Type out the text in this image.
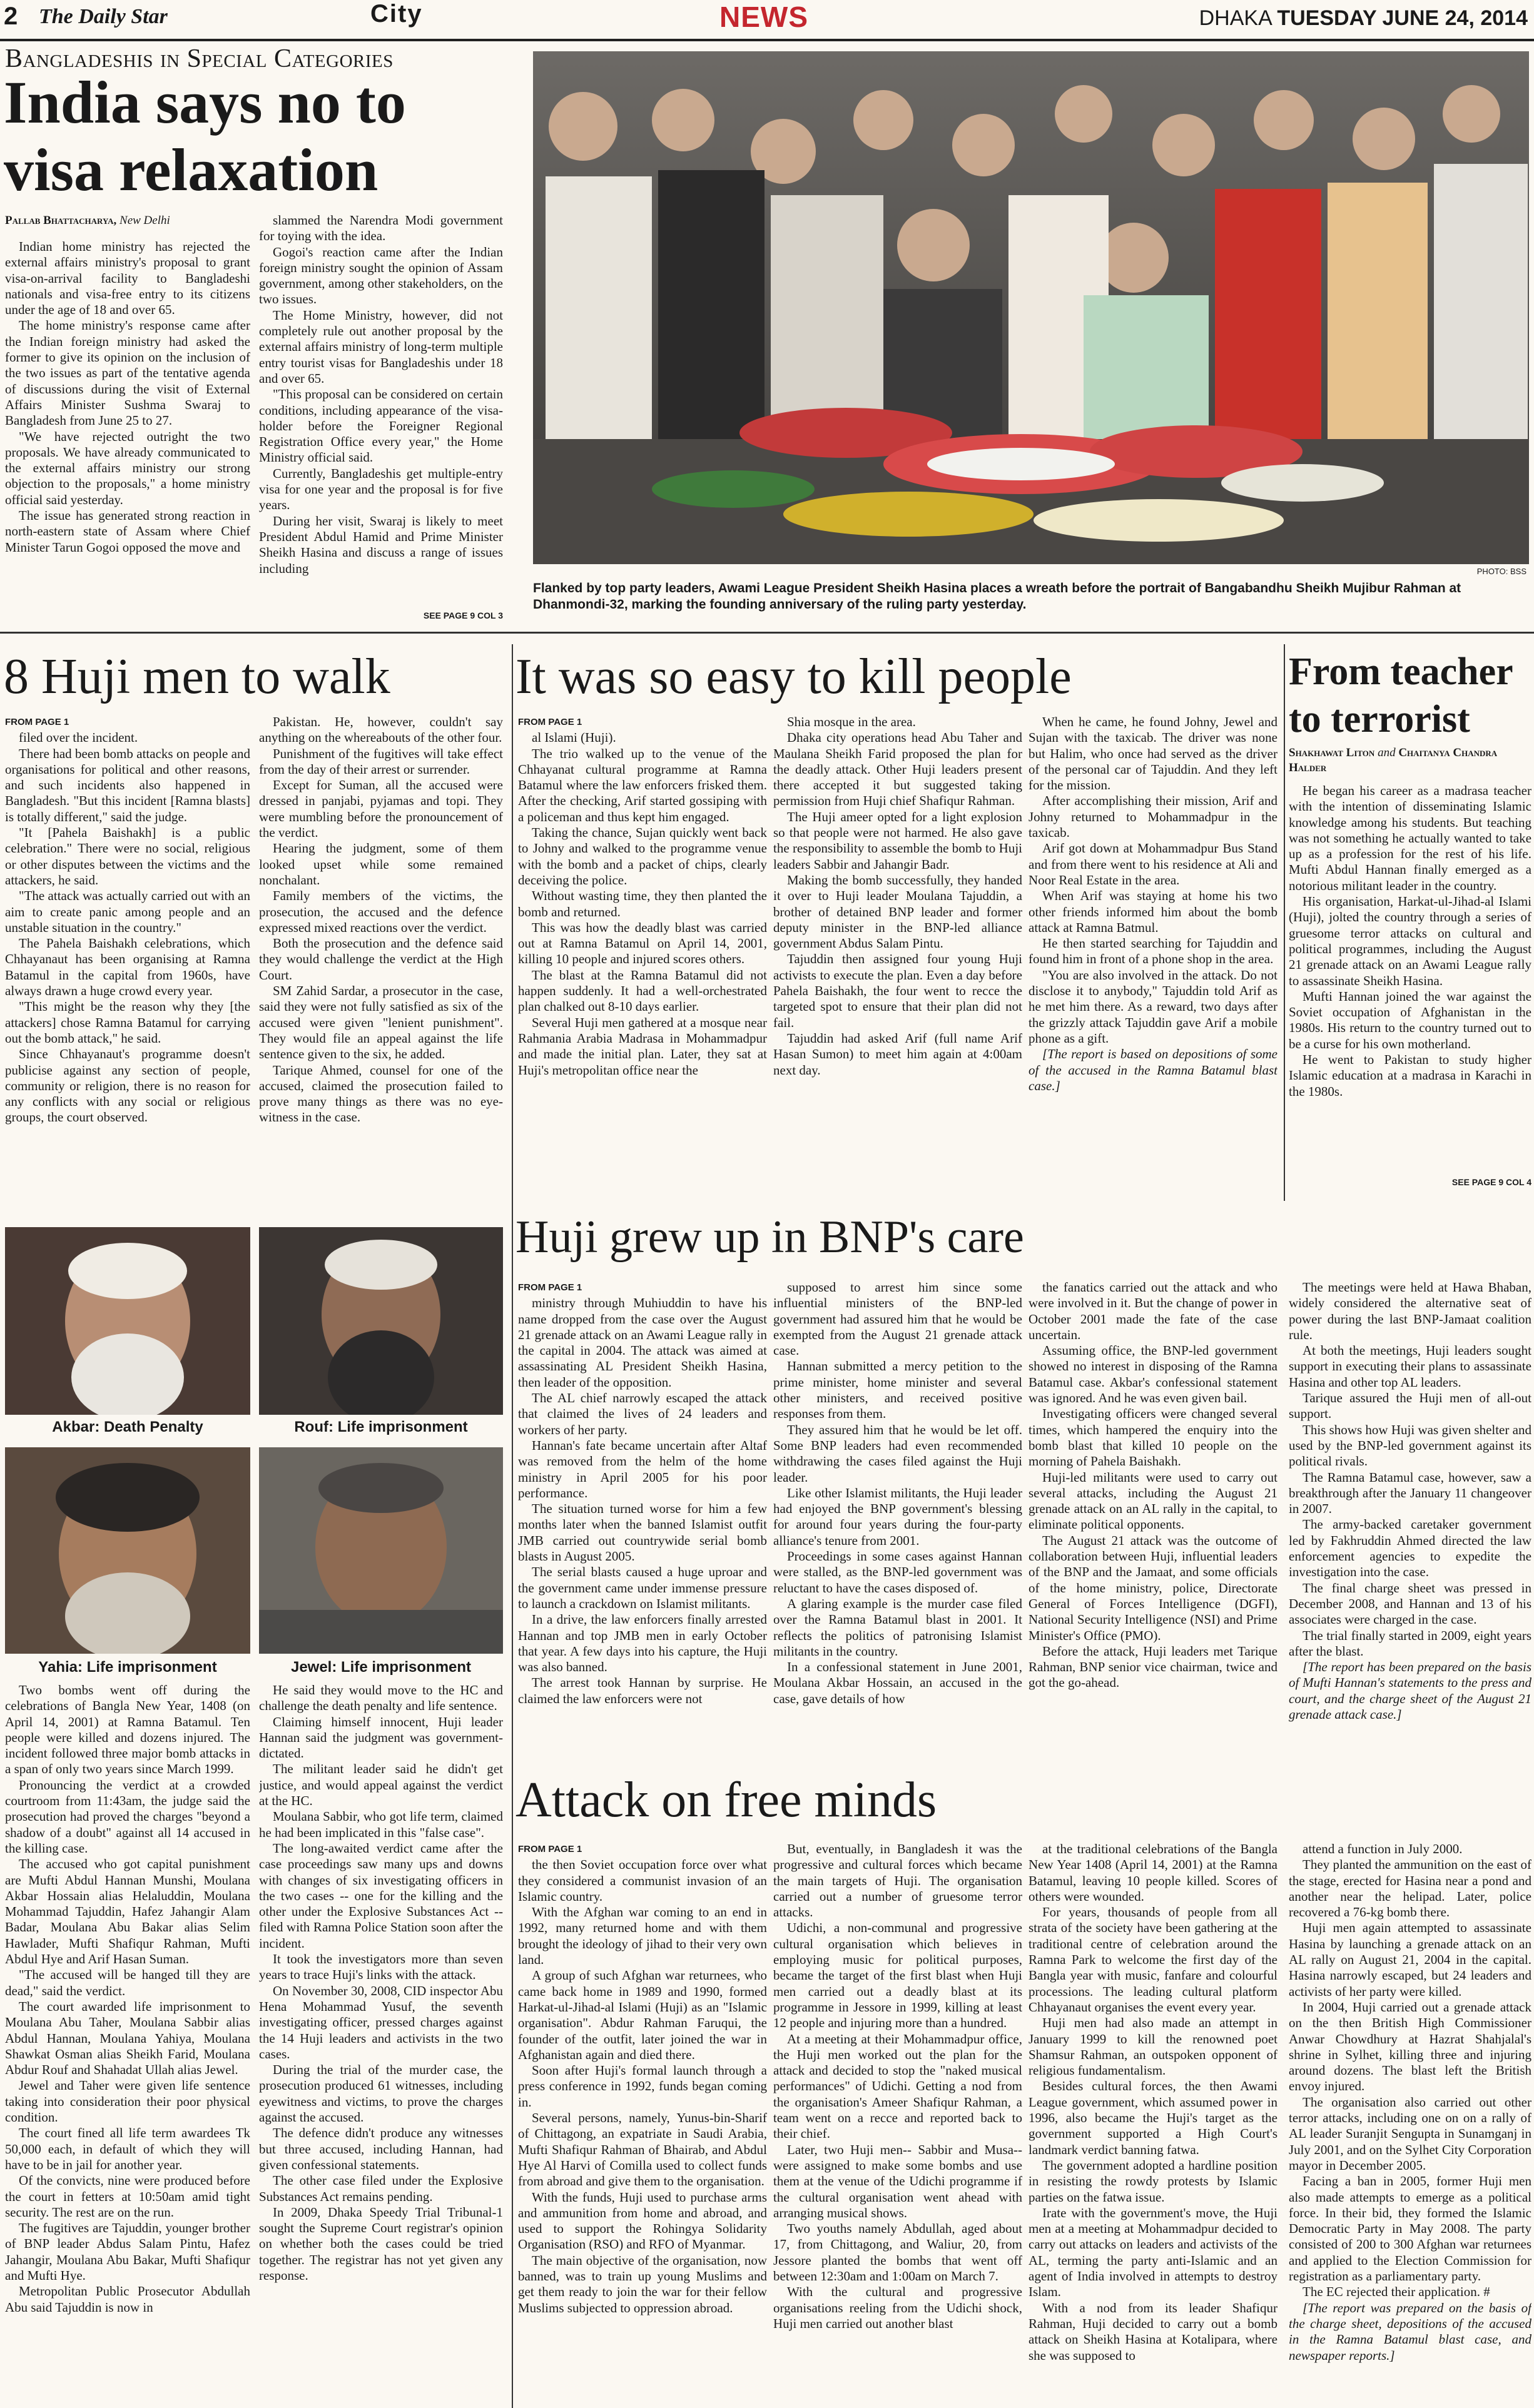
2 The Daily Star	City	NEWS	DHAKA TUESDAY JUNE 24, 2014
Bangladeshis in Special Categories
India says no to
visa relaxation
Pallab Bhattacharya, New Delhi

Indian home ministry has rejected the external affairs ministry's proposal to grant visa-on-arrival facility to Bangladeshi nationals and visa-free entry to its citizens under the age of 18 and over 65.

The home ministry's response came after the Indian foreign ministry had asked the former to give its opinion on the inclusion of the two issues as part of the tentative agenda of discussions during the visit of External Affairs Minister Sushma Swaraj to Bangladesh from June 25 to 27.

"We have rejected outright the two proposals. We have already communicated to the external affairs ministry our strong objection to the proposals," a home ministry official said yesterday.

The issue has generated strong reaction in north-eastern state of Assam where Chief Minister Tarun Gogoi opposed the move and

slammed the Narendra Modi government for toying with the idea.

Gogoi's reaction came after the Indian foreign ministry sought the opinion of Assam government, among other stakeholders, on the two issues.

The Home Ministry, however, did not completely rule out another proposal by the external affairs ministry of long-term multiple entry tourist visas for Bangladeshis under 18 and over 65.

"This proposal can be considered on certain conditions, including appearance of the visa-holder before the Foreigner Regional Registration Office every year," the Home Ministry official said.

Currently, Bangladeshis get multiple-entry visa for one year and the proposal is for five years.

During her visit, Swaraj is likely to meet President Abdul Hamid and Prime Minister Sheikh Hasina and discuss a range of issues including

SEE PAGE 9 COL 3
PHOTO: BSS
Flanked by top party leaders, Awami League President Sheikh Hasina places a wreath before the portrait of Bangabandhu Sheikh Mujibur Rahman at Dhanmondi-32, marking the founding anniversary of the ruling party yesterday.
8 Huji men to walk

FROM PAGE 1

filed over the incident.

There had been bomb attacks on people and organisations for political and other reasons, and such incidents also happened in Bangladesh. "But this incident [Ramna blasts] is totally different," said the judge.

"It [Pahela Baishakh] is a public celebration." There were no social, religious or other disputes between the victims and the attackers, he said.

"The attack was actually carried out with an aim to create panic among people and an unstable situation in the country."

The Pahela Baishakh celebrations, which Chhayanaut has been organising at Ramna Batamul in the capital from 1960s, have always drawn a huge crowd every year.

"This might be the reason why they [the attackers] chose Ramna Batamul for carrying out the bomb attack," he said.

Since Chhayanaut's programme doesn't publicise against any section of people, community or religion, there is no reason for any conflicts with any social or religious groups, the court observed.

Pakistan. He, however, couldn't say anything on the whereabouts of the other four.

Punishment of the fugitives will take effect from the day of their arrest or surrender.

Except for Suman, all the accused were dressed in panjabi, pyjamas and topi. They were mumbling before the pronouncement of the verdict.

Hearing the judgment, some of them looked upset while some remained nonchalant.

Family members of the victims, the prosecution, the accused and the defence expressed mixed reactions over the verdict.

Both the prosecution and the defence said they would challenge the verdict at the High Court.

SM Zahid Sardar, a prosecutor in the case, said they were not fully satisfied as six of the accused were given "lenient punishment". They would file an appeal against the life sentence given to the six, he added.

Tarique Ahmed, counsel for one of the accused, claimed the prosecution failed to prove many things as there was no eye-witness in the case.

Akbar: Death Penalty	Rouf: Life imprisonment
Yahia: Life imprisonment	Jewel: Life imprisonment

Two bombs went off during the celebrations of Bangla New Year, 1408 (on April 14, 2001) at Ramna Batamul. Ten people were killed and dozens injured. The incident followed three major bomb attacks in a span of only two years since March 1999.

Pronouncing the verdict at a crowded courtroom from 11:43am, the judge said the prosecution had proved the charges "beyond a shadow of a doubt" against all 14 accused in the killing case.

The accused who got capital punishment are Mufti Abdul Hannan Munshi, Moulana Akbar Hossain alias Helaluddin, Moulana Mohammad Tajuddin, Hafez Jahangir Alam Badar, Moulana Abu Bakar alias Selim Hawlader, Mufti Shafiqur Rahman, Mufti Abdul Hye and Arif Hasan Suman.

"The accused will be hanged till they are dead," said the verdict.

The court awarded life imprisonment to Moulana Abu Taher, Moulana Sabbir alias Abdul Hannan, Moulana Yahiya, Moulana Shawkat Osman alias Sheikh Farid, Moulana Abdur Rouf and Shahadat Ullah alias Jewel.

Jewel and Taher were given life sentence taking into consideration their poor physical condition.

The court fined all life term awardees Tk 50,000 each, in default of which they will have to be in jail for another year.

Of the convicts, nine were produced before the court in fetters at 10:50am amid tight security. The rest are on the run.

The fugitives are Tajuddin, younger brother of BNP leader Abdus Salam Pintu, Hafez Jahangir, Moulana Abu Bakar, Mufti Shafiqur and Mufti Hye.

Metropolitan Public Prosecutor Abdullah Abu said Tajuddin is now in

He said they would move to the HC and challenge the death penalty and life sentence.

Claiming himself innocent, Huji leader Hannan said the judgment was government-dictated.

The militant leader said he didn't get justice, and would appeal against the verdict at the HC.

Moulana Sabbir, who got life term, claimed he had been implicated in this "false case".

The long-awaited verdict came after the case proceedings saw many ups and downs with changes of six investigating officers in the two cases -- one for the killing and the other under the Explosive Substances Act -- filed with Ramna Police Station soon after the incident.

It took the investigators more than seven years to trace Huji's links with the attack.

On November 30, 2008, CID inspector Abu Hena Mohammad Yusuf, the seventh investigating officer, pressed charges against the 14 Huji leaders and activists in the two cases.

During the trial of the murder case, the prosecution produced 61 witnesses, including eyewitness and victims, to prove the charges against the accused.

The defence didn't produce any witnesses but three accused, including Hannan, had given confessional statements.

The other case filed under the Explosive Substances Act remains pending.

In 2009, Dhaka Speedy Trial Tribunal-1 sought the Supreme Court registrar's opinion on whether both the cases could be tried together. The registrar has not yet given any response.

It was so easy to kill people

FROM PAGE 1

al Islami (Huji).

The trio walked up to the venue of the Chhayanat cultural programme at Ramna Batamul where the law enforcers frisked them. After the checking, Arif started gossiping with a policeman and thus kept him engaged.

Taking the chance, Sujan quickly went back to Johny and walked to the programme venue with the bomb and a packet of chips, clearly deceiving the police.

Without wasting time, they then planted the bomb and returned.

This was how the deadly blast was carried out at Ramna Batamul on April 14, 2001, killing 10 people and injured scores others.

The blast at the Ramna Batamul did not happen suddenly. It had a well-orchestrated plan chalked out 8-10 days earlier.

Several Huji men gathered at a mosque near Rahmania Arabia Madrasa in Mohammadpur and made the initial plan. Later, they sat at Huji's metropolitan office near the

Shia mosque in the area.

Dhaka city operations head Abu Taher and Maulana Sheikh Farid proposed the plan for the deadly attack. Other Huji leaders present there accepted it but suggested taking permission from Huji chief Shafiqur Rahman.

The Huji ameer opted for a light explosion so that people were not harmed. He also gave the responsibility to assemble the bomb to Huji leaders Sabbir and Jahangir Badr.

Making the bomb successfully, they handed it over to Huji leader Moulana Tajuddin, a brother of detained BNP leader and former deputy minister in the BNP-led alliance government Abdus Salam Pintu.

Tajuddin then assigned four young Huji activists to execute the plan. Even a day before Pahela Baishakh, the four went to recce the targeted spot to ensure that their plan did not fail.

Tajuddin had asked Arif (full name Arif Hasan Sumon) to meet him again at 4:00am next day.

When he came, he found Johny, Jewel and Sujan with the taxicab. The driver was none but Halim, who once had served as the driver of the personal car of Tajuddin. And they left for the mission.

After accomplishing their mission, Arif and Johny returned to Mohammadpur in the taxicab.

Arif got down at Mohammadpur Bus Stand and from there went to his residence at Ali and Noor Real Estate in the area.

When Arif was staying at home his two other friends informed him about the bomb attack at Ramna Batmul.

He then started searching for Tajuddin and found him in front of a phone shop in the area.

"You are also involved in the attack. Do not disclose it to anybody," Tajuddin told Arif as he met him there. As a reward, two days after the grizzly attack Tajuddin gave Arif a mobile phone as a gift.

[The report is based on depositions of some of the accused in the Ramna Batamul blast case.]

From teacher to terrorist
Shakhawat Liton and Chaitanya Chandra Halder

He began his career as a madrasa teacher with the intention of disseminating Islamic knowledge among his students. But teaching was not something he actually wanted to take up as a profession for the rest of his life. Mufti Abdul Hannan finally emerged as a notorious militant leader in the country.

His organisation, Harkat-ul-Jihad-al Islami (Huji), jolted the country through a series of gruesome terror attacks on cultural and political programmes, including the August 21 grenade attack on an Awami League rally to assassinate Sheikh Hasina.

Mufti Hannan joined the war against the Soviet occupation of Afghanistan in the 1980s. His return to the country turned out to be a curse for his own motherland.

He went to Pakistan to study higher Islamic education at a madrasa in Karachi in the 1980s.

SEE PAGE 9 COL 4
Huji grew up in BNP's care

FROM PAGE 1

ministry through Muhiuddin to have his name dropped from the case over the August 21 grenade attack on an Awami League rally in the capital in 2004. The attack was aimed at assassinating AL President Sheikh Hasina, then leader of the opposition.

The AL chief narrowly escaped the attack that claimed the lives of 24 leaders and workers of her party.

Hannan's fate became uncertain after Altaf was removed from the helm of the home ministry in April 2005 for his poor performance.

The situation turned worse for him a few months later when the banned Islamist outfit JMB carried out countrywide serial bomb blasts in August 2005.

The serial blasts caused a huge uproar and the government came under immense pressure to launch a crackdown on Islamist militants.

In a drive, the law enforcers finally arrested Hannan and top JMB men in early October that year. A few days into his capture, the Huji was also banned.

The arrest took Hannan by surprise. He claimed the law enforcers were not

supposed to arrest him since some influential ministers of the BNP-led government had assured him that he would be exempted from the August 21 grenade attack case.

Hannan submitted a mercy petition to the prime minister, home minister and several other ministers, and received positive responses from them.

They assured him that he would be let off. Some BNP leaders had even recommended withdrawing the cases filed against the Huji leader.

Like other Islamist militants, the Huji leader had enjoyed the BNP government's blessing for around four years during the four-party alliance's tenure from 2001.

Proceedings in some cases against Hannan were stalled, as the BNP-led government was reluctant to have the cases disposed of.

A glaring example is the murder case filed over the Ramna Batamul blast in 2001. It reflects the politics of patronising Islamist militants in the country.

In a confessional statement in June 2001, Moulana Akbar Hossain, an accused in the case, gave details of how

the fanatics carried out the attack and who were involved in it. But the change of power in October 2001 made the fate of the case uncertain.

Assuming office, the BNP-led government showed no interest in disposing of the Ramna Batamul case. Akbar's confessional statement was ignored. And he was even given bail.

Investigating officers were changed several times, which hampered the enquiry into the bomb blast that killed 10 people on the morning of Pahela Baishakh.

Huji-led militants were used to carry out several attacks, including the August 21 grenade attack on an AL rally in the capital, to eliminate political opponents.

The August 21 attack was the outcome of collaboration between Huji, influential leaders of the BNP and the Jamaat, and some officials of the home ministry, police, Directorate General of Forces Intelligence (DGFI), National Security Intelligence (NSI) and Prime Minister's Office (PMO).

Before the attack, Huji leaders met Tarique Rahman, BNP senior vice chairman, twice and got the go-ahead.

The meetings were held at Hawa Bhaban, widely considered the alternative seat of power during the last BNP-Jamaat coalition rule.

At both the meetings, Huji leaders sought support in executing their plans to assassinate Hasina and other top AL leaders.

Tarique assured the Huji men of all-out support.

This shows how Huji was given shelter and used by the BNP-led government against its political rivals.

The Ramna Batamul case, however, saw a breakthrough after the January 11 changeover in 2007.

The army-backed caretaker government led by Fakhruddin Ahmed directed the law enforcement agencies to expedite the investigation into the case.

The final charge sheet was pressed in December 2008, and Hannan and 13 of his associates were charged in the case.

The trial finally started in 2009, eight years after the blast.

[The report has been prepared on the basis of Mufti Hannan's statements to the press and court, and the charge sheet of the August 21 grenade attack case.]

Attack on free minds

FROM PAGE 1

the then Soviet occupation force over what they considered a communist invasion of an Islamic country.

With the Afghan war coming to an end in 1992, many returned home and with them brought the ideology of jihad to their very own land.

A group of such Afghan war returnees, who came back home in 1989 and 1990, formed Harkat-ul-Jihad-al Islami (Huji) as an "Islamic organisation". Abdur Rahman Faruqui, the founder of the outfit, later joined the war in Afghanistan again and died there.

Soon after Huji's formal launch through a press conference in 1992, funds began coming in.

Several persons, namely, Yunus-bin-Sharif of Chittagong, an expatriate in Saudi Arabia, Mufti Shafiqur Rahman of Bhairab, and Abdul Hye Al Harvi of Comilla used to collect funds from abroad and give them to the organisation.

With the funds, Huji used to purchase arms and ammunition from home and abroad, and used to support the Rohingya Solidarity Organisation (RSO) and RFO of Myanmar.

The main objective of the organisation, now banned, was to train up young Muslims and get them ready to join the war for their fellow Muslims subjected to oppression abroad.

But, eventually, in Bangladesh it was the progressive and cultural forces which became the main targets of Huji. The organisation carried out a number of gruesome terror attacks.

Udichi, a non-communal and progressive cultural organisation which believes in employing music for political purposes, became the target of the first blast when Huji men carried out a deadly blast at its programme in Jessore in 1999, killing at least 12 people and injuring more than a hundred.

At a meeting at their Mohammadpur office, the Huji men worked out the plan for the attack and decided to stop the "naked musical performances" of Udichi. Getting a nod from the organisation's Ameer Shafiqur Rahman, a team went on a recce and reported back to their chief.

Later, two Huji men-- Sabbir and Musa-- were assigned to make some bombs and use them at the venue of the Udichi programme if the cultural organisation went ahead with arranging musical shows.

Two youths namely Abdullah, aged about 17, from Chittagong, and Waliur, 20, from Jessore planted the bombs that went off between 12:30am and 1:00am on March 7.

With the cultural and progressive organisations reeling from the Udichi shock, Huji men carried out another blast

at the traditional celebrations of the Bangla New Year 1408 (April 14, 2001) at the Ramna Batamul, leaving 10 people killed. Scores of others were wounded.

For years, thousands of people from all strata of the society have been gathering at the traditional centre of celebration around the Ramna Park to welcome the first day of the Bangla year with music, fanfare and colourful processions. The leading cultural platform Chhayanaut organises the event every year.

Huji men had also made an attempt in January 1999 to kill the renowned poet Shamsur Rahman, an outspoken opponent of religious fundamentalism.

Besides cultural forces, the then Awami League government, which assumed power in 1996, also became the Huji's target as the government supported a High Court's landmark verdict banning fatwa.

The government adopted a hardline position in resisting the rowdy protests by Islamic parties on the fatwa issue.

Irate with the government's move, the Huji men at a meeting at Mohammadpur decided to carry out attacks on leaders and activists of the AL, terming the party anti-Islamic and an agent of India involved in attempts to destroy Islam.

With a nod from its leader Shafiqur Rahman, Huji decided to carry out a bomb attack on Sheikh Hasina at Kotalipara, where she was supposed to

attend a function in July 2000.

They planted the ammunition on the east of the stage, erected for Hasina near a pond and another near the helipad. Later, police recovered a 76-kg bomb there.

Huji men again attempted to assassinate Hasina by launching a grenade attack on an AL rally on August 21, 2004 in the capital. Hasina narrowly escaped, but 24 leaders and activists of her party were killed.

In 2004, Huji carried out a grenade attack on the then British High Commissioner Anwar Chowdhury at Hazrat Shahjalal's shrine in Sylhet, killing three and injuring around dozens. The blast left the British envoy injured.

The organisation also carried out other terror attacks, including one on on a rally of AL leader Suranjit Sengupta in Sunamganj in July 2001, and on the Sylhet City Corporation mayor in December 2005.

Facing a ban in 2005, former Huji men also made attempts to emerge as a political force. In their bid, they formed the Islamic Democratic Party in May 2008. The party consisted of 200 to 300 Afghan war returnees and applied to the Election Commission for registration as a parliamentary party.

The EC rejected their application. #

[The report was prepared on the basis of the charge sheet, depositions of the accused in the Ramna Batamul blast case, and newspaper reports.]
